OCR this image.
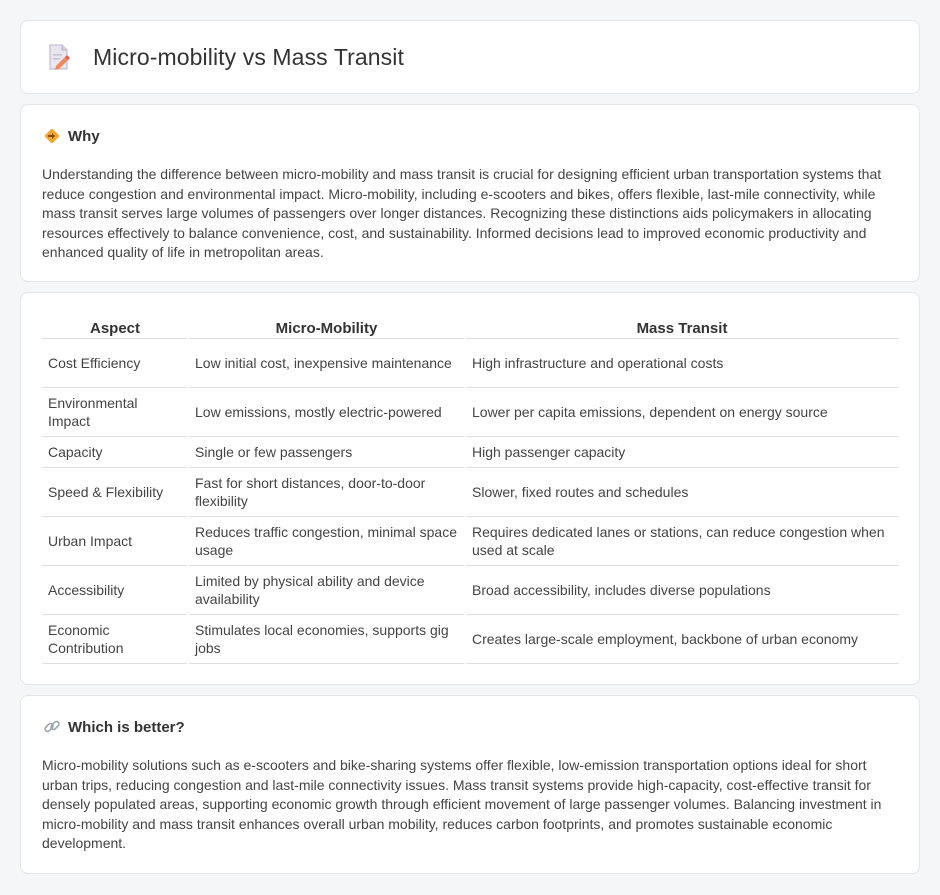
Micro-mobility vs Mass Transit
Why

Understanding the difference between micro-mobility and mass transit is crucial for designing efficient urban transportation systems that reduce congestion and environmental impact. Micro-mobility, including e-scooters and bikes, offers flexible, last-mile connectivity, while mass transit serves large volumes of passengers over longer distances. Recognizing these distinctions aids policymakers in allocating resources effectively to balance convenience, cost, and sustainability. Informed decisions lead to improved economic productivity and enhanced quality of life in metropolitan areas.

Aspect	Micro-Mobility	Mass Transit
Cost Efficiency	Low initial cost, inexpensive maintenance	High infrastructure and operational costs
Environmental Impact	Low emissions, mostly electric-powered	Lower per capita emissions, dependent on energy source
Capacity	Single or few passengers	High passenger capacity
Speed & Flexibility	Fast for short distances, door-to-door flexibility	Slower, fixed routes and schedules
Urban Impact	Reduces traffic congestion, minimal space usage	Requires dedicated lanes or stations, can reduce congestion when used at scale
Accessibility	Limited by physical ability and device availability	Broad accessibility, includes diverse populations
Economic Contribution	Stimulates local economies, supports gig jobs	Creates large-scale employment, backbone of urban economy
Which is better?

Micro-mobility solutions such as e-scooters and bike-sharing systems offer flexible, low-emission transportation options ideal for short urban trips, reducing congestion and last-mile connectivity issues. Mass transit systems provide high-capacity, cost-effective transit for densely populated areas, supporting economic growth through efficient movement of large passenger volumes. Balancing investment in micro-mobility and mass transit enhances overall urban mobility, reduces carbon footprints, and promotes sustainable economic development.
